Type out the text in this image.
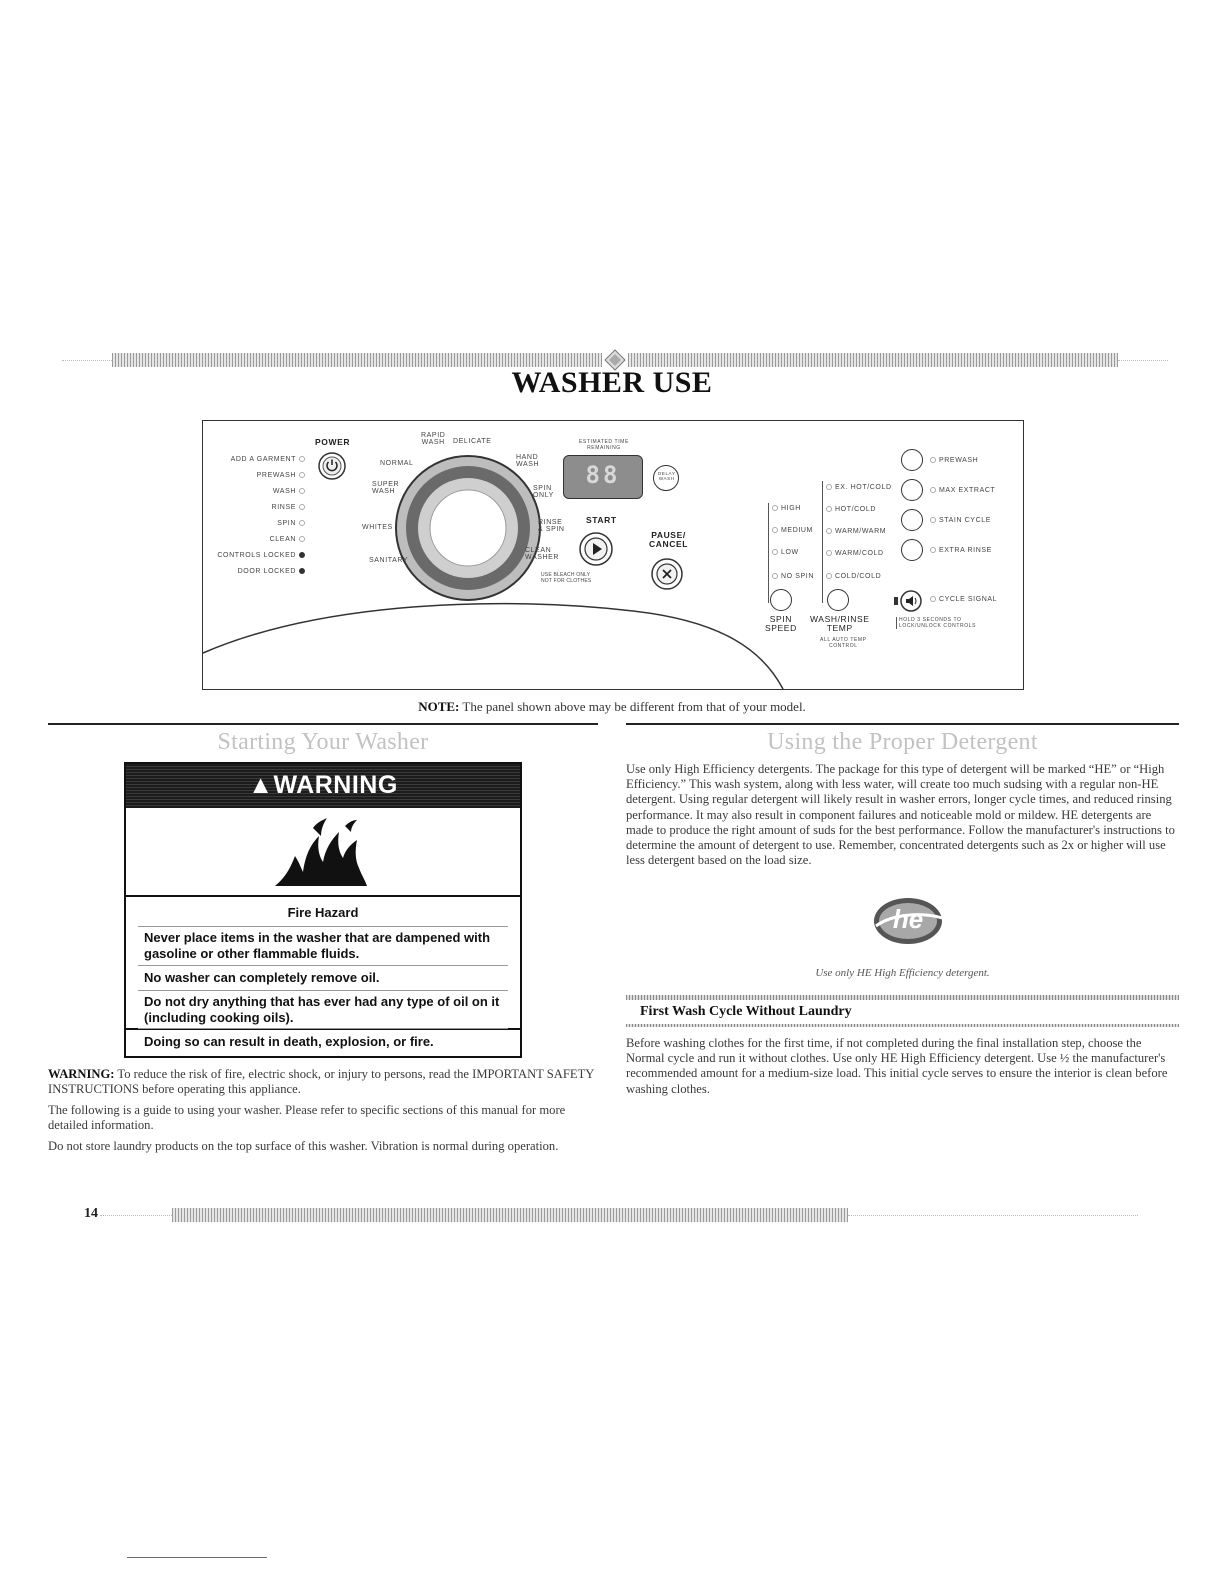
WASHER USE
ADD A GARMENT
PREWASH
WASH
RINSE
SPIN
CLEAN
CONTROLS LOCKED
DOOR LOCKED
POWER
RAPID
WASH DELICATE
HAND
WASH
NORMAL
SUPER
WASH	SPIN
ONLY
WHITES
RINSE
& SPIN
SANITARY
CLEAN
WASHER
USE BLEACH ONLY
NOT FOR CLOTHES
ESTIMATED TIME
REMAINING
88	DELAY
WASH
START
PAUSE/
CANCEL
HIGH
MEDIUM
LOW
NO SPIN
EX. HOT/COLD
HOT/COLD
WARM/WARM
WARM/COLD
COLD/COLD
SPIN
SPEED
WASH/RINSE
TEMP
ALL AUTO TEMP
CONTROL
PREWASH
MAX EXTRACT
STAIN CYCLE
EXTRA RINSE
CYCLE SIGNAL
HOLD 3 SECONDS TO
LOCK/UNLOCK CONTROLS
NOTE: The panel shown above may be different from that of your model.
Starting Your Washer
▲WARNING
Fire Hazard
Never place items in the washer that are dampened with gasoline or other flammable fluids.
No washer can completely remove oil.
Do not dry anything that has ever had any type of oil on it (including cooking oils).
Doing so can result in death, explosion, or fire.
WARNING: To reduce the risk of fire, electric shock, or injury to persons, read the IMPORTANT SAFETY INSTRUCTIONS before operating this appliance.
The following is a guide to using your washer. Please refer to specific sections of this manual for more detailed information.
Do not store laundry products on the top surface of this washer. Vibration is normal during operation.
Using the Proper Detergent
Use only High Efficiency detergents. The package for this type of detergent will be marked “HE” or “High Efficiency.” This wash system, along with less water, will create too much sudsing with a regular non-HE detergent. Using regular detergent will likely result in washer errors, longer cycle times, and reduced rinsing performance. It may also result in component failures and noticeable mold or mildew. HE detergents are made to produce the right amount of suds for the best performance. Follow the manufacturer's instructions to determine the amount of detergent to use. Remember, concentrated detergents such as 2x or higher will use less detergent based on the load size.
he
Use only HE High Efficiency detergent.
First Wash Cycle Without Laundry
Before washing clothes for the first time, if not completed during the final installation step, choose the Normal cycle and run it without clothes. Use only HE High Efficiency detergent. Use ½ the manufacturer's recommended amount for a medium-size load. This initial cycle serves to ensure the interior is clean before washing clothes.
14
